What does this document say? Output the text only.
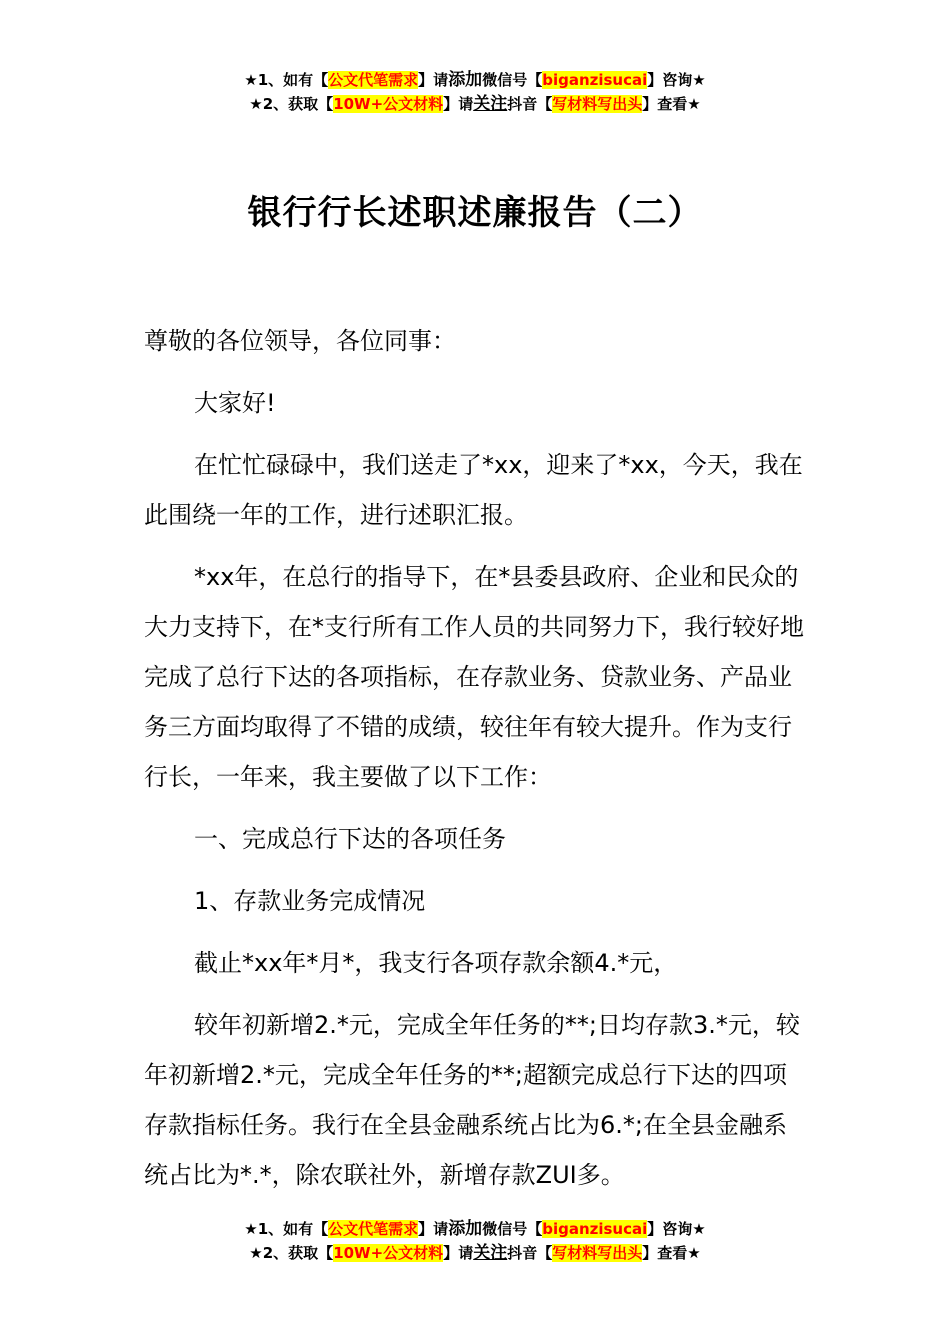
★1、如有【公文代笔需求】请添加微信号【biganzisucai】咨询★
★2、获取【10W+公文材料】请关注抖音【写材料写出头】查看★
银行行长述职述廉报告（二）

尊敬的各位领导，各位同事：

大家好!

在忙忙碌碌中，我们送走了*xx，迎来了*xx，今天，我在此围绕一年的工作，进行述职汇报。

*xx年，在总行的指导下，在*县委县政府、企业和民众的大力支持下，在*支行所有工作人员的共同努力下，我行较好地完成了总行下达的各项指标，在存款业务、贷款业务、产品业务三方面均取得了不错的成绩，较往年有较大提升。作为支行行长，一年来，我主要做了以下工作：

一、完成总行下达的各项任务

1、存款业务完成情况

截止*xx年*月*，我支行各项存款余额4.*元，

较年初新增2.*元，完成全年任务的**;日均存款3.*元，较年初新增2.*元，完成全年任务的**;超额完成总行下达的四项存款指标任务。我行在全县金融系统占比为6.*;在全县金融系统占比为*.*，除农联社外，新增存款ZUI多。

★1、如有【公文代笔需求】请添加微信号【biganzisucai】咨询★
★2、获取【10W+公文材料】请关注抖音【写材料写出头】查看★
